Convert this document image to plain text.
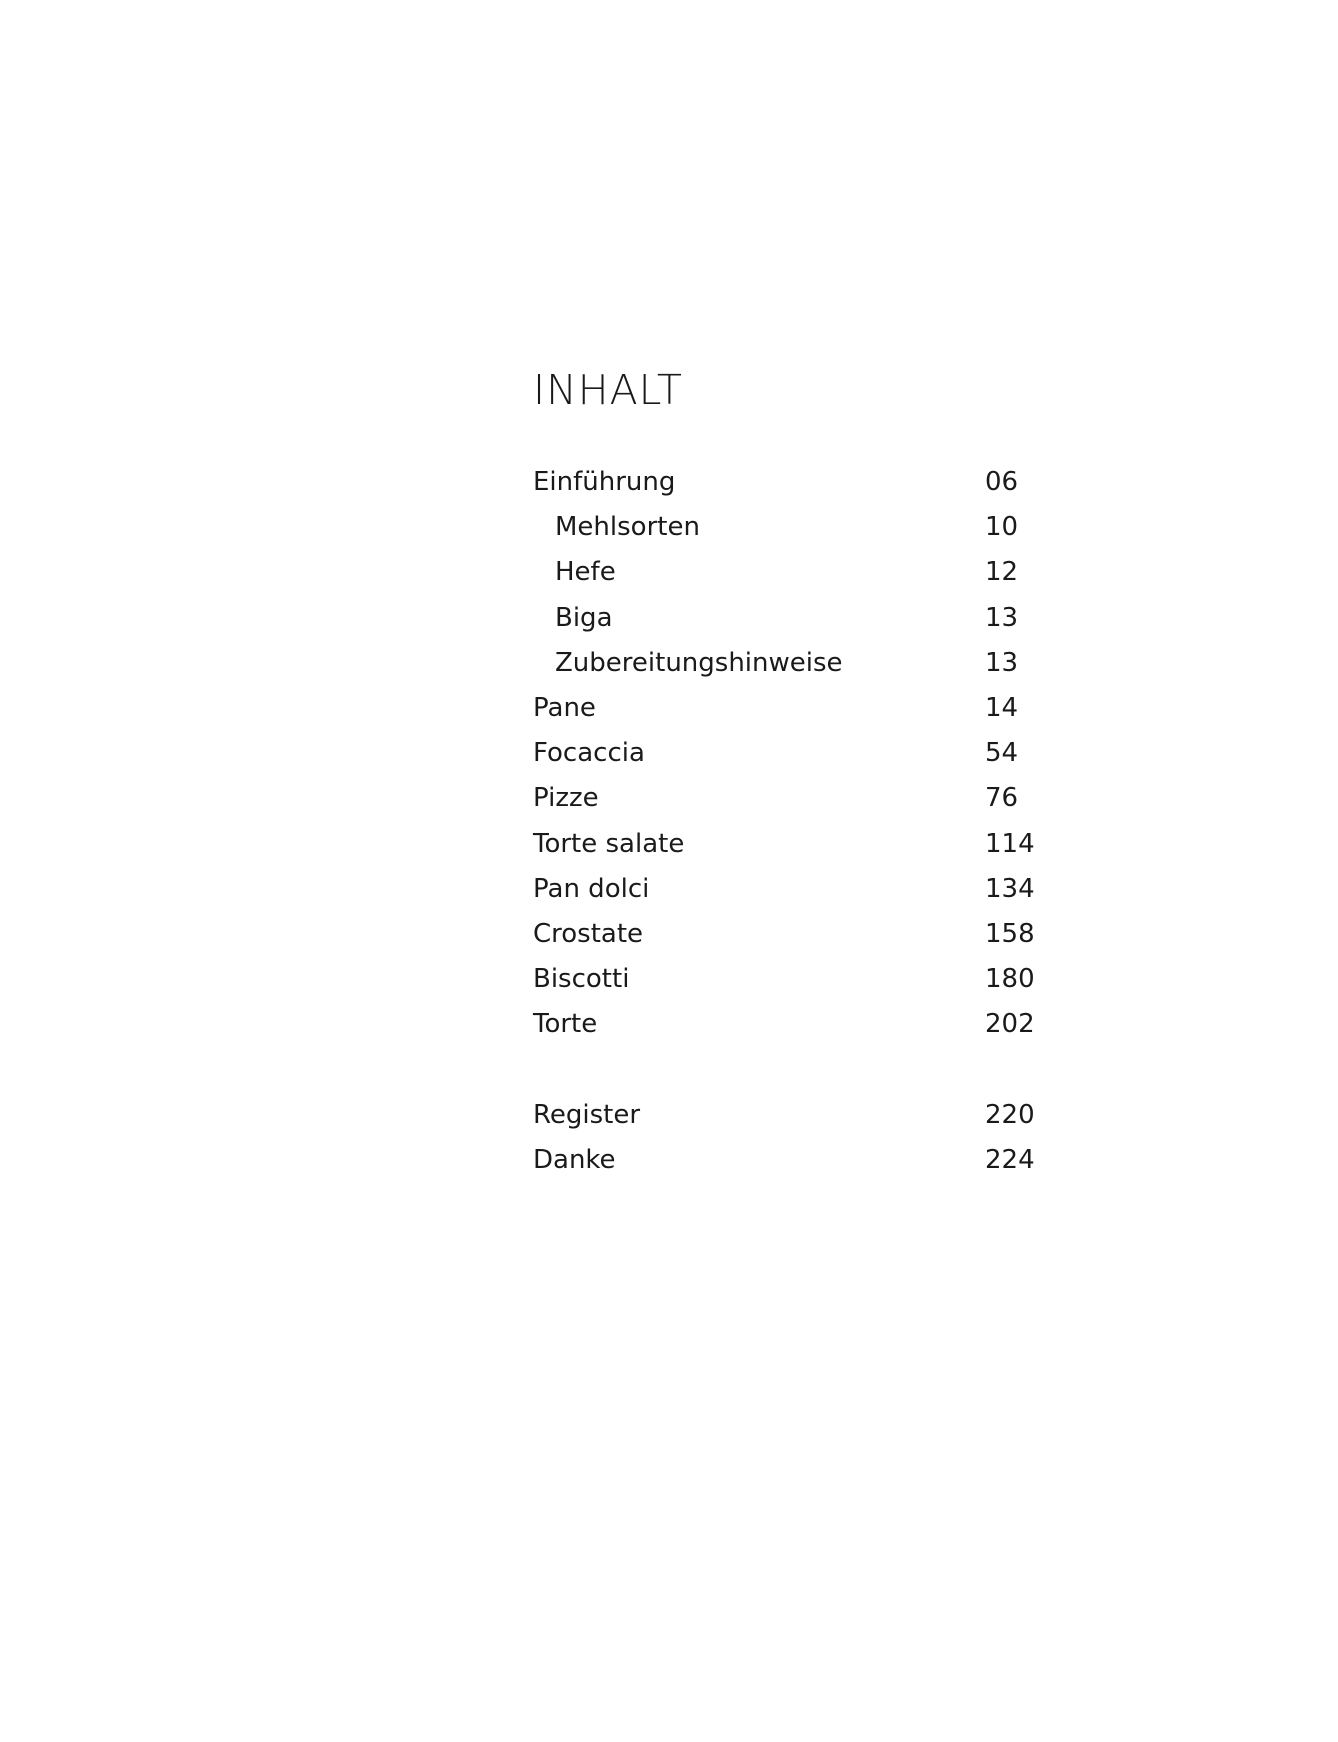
INHALT
Einführung	06
Mehlsorten	10
Hefe	12
Biga	13
Zubereitungshinweise	13
Pane	14
Focaccia	54
Pizze	76
Torte salate	114
Pan dolci	134
Crostate	158
Biscotti	180
Torte	202
Register	220
Danke	224
